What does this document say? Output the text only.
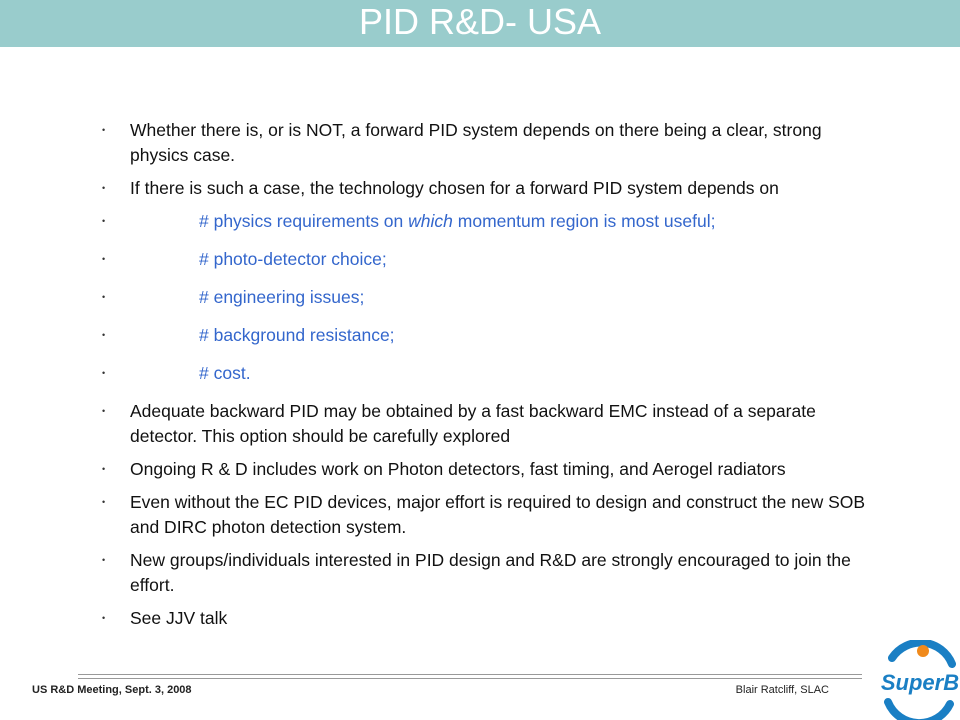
PID R&D- USA
•	Whether there is, or is NOT, a forward PID system depends on there being a clear, strong physics case.
•	If there is such a case, the technology chosen for a forward PID system depends on
•	# physics requirements on which momentum region is most useful;
•	# photo-detector choice;
•	# engineering issues;
•	# background resistance;
•	# cost.
•	Adequate backward PID may be obtained by a fast backward EMC instead of a separate detector. This option should be carefully explored
•	Ongoing R & D includes work on Photon detectors, fast timing, and Aerogel radiators
•	Even without the EC PID devices, major effort is required to design and construct the new SOB and DIRC photon detection system.
•	New groups/individuals interested in PID design and R&D are strongly encouraged to join the effort.
•	See JJV talk
US R&D Meeting, Sept. 3, 2008	Blair Ratcliff, SLAC SuperB
